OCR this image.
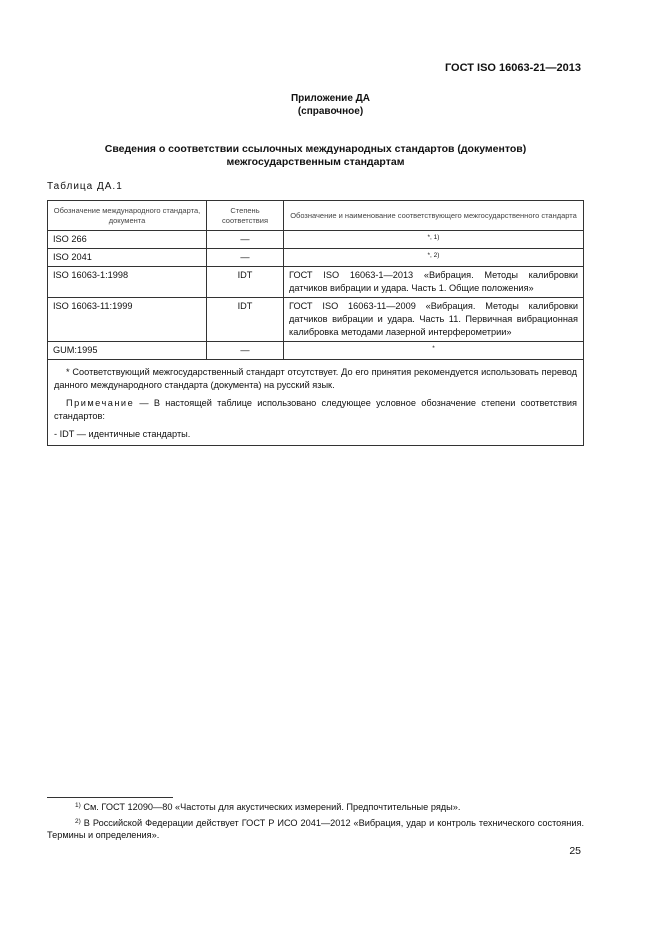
ГОСТ ISO 16063-21—2013
Приложение ДА
(справочное)
Сведения о соответствии ссылочных международных стандартов (документов)
межгосударственным стандартам
Таблица ДА.1
Обозначение международного стандарта, документа	Степень соответствия	Обозначение и наименование соответствующего межгосударственного стандарта
ISO 266	—	$^{*, 1)}$
ISO 2041	—	$^{*, 2)}$
ISO 16063-1:1998	IDT	ГОСТ ISO 16063-1—2013 «Вибрация. Методы калибровки датчиков вибрации и удара. Часть 1. Общие положения»
ISO 16063-11:1999	IDT	ГОСТ ISO 16063-11—2009 «Вибрация. Методы калибровки датчиков вибрации и удара. Часть 11. Первичная вибрационная калибровка методами лазерной интерферометрии»
GUM:1995	—	*

* Соответствующий межгосударственный стандарт отсутствует. До его принятия рекомендуется использовать перевод данного международного стандарта (документа) на русский язык.

Примечание — В настоящей таблице использовано следующее условное обозначение степени соответствия стандартов:

- IDT — идентичные стандарты.		

$^{1)}$ См. ГОСТ 12090—80 «Частоты для акустических измерений. Предпочтительные ряды».

$^{2)}$ В Российской Федерации действует ГОСТ Р ИСО 2041—2012 «Вибрация, удар и контроль технического состояния. Термины и определения».

25
